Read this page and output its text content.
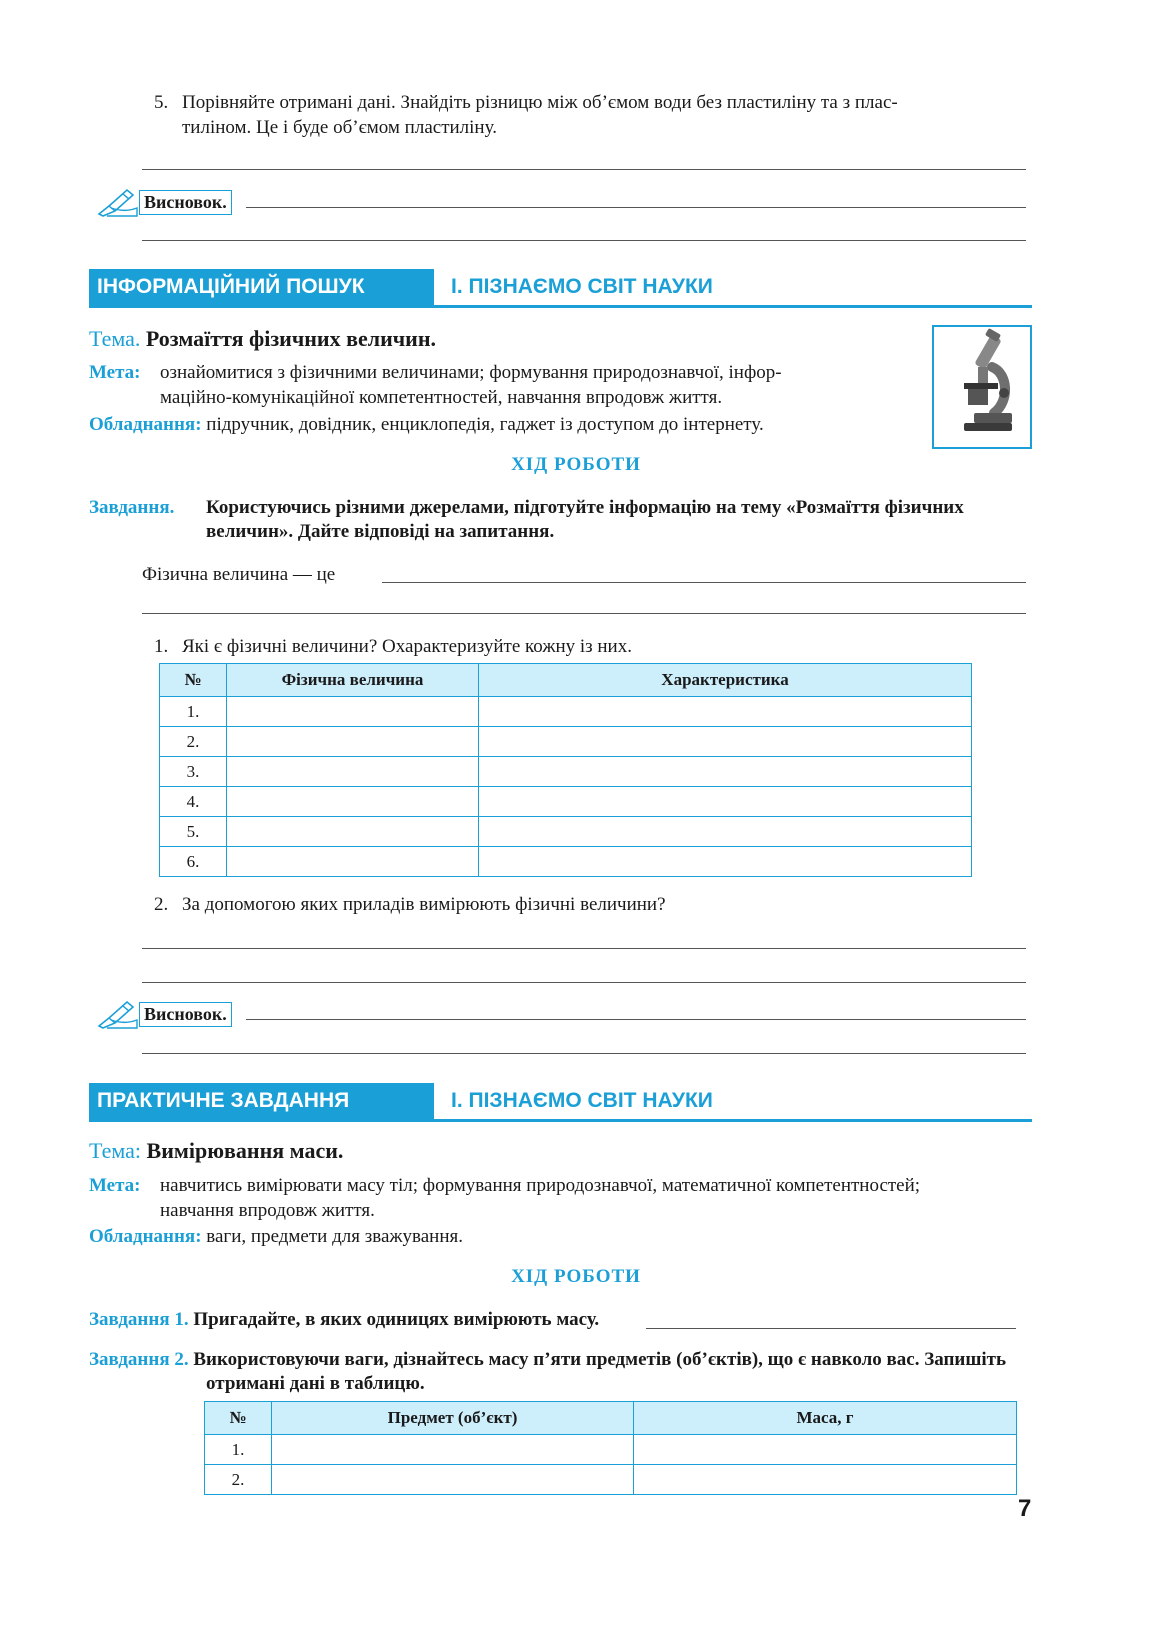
5. Порівняйте отримані дані. Знайдіть різницю між об’ємом води без пластиліну та з плас-
тиліном. Це і буде об’ємом пластиліну.
Висновок.
ІНФОРМАЦІЙНИЙ ПОШУК	І. ПІЗНАЄМО СВІТ НАУКИ
Тема. Розмаїття фізичних величин.
Мета: ознайомитися з фізичними величинами; формування природознавчої, інфор-
маційно-комунікаційної компетентностей, навчання впродовж життя.
Обладнання: підручник, довідник, енциклопедія, гаджет із доступом до інтернету.
ХІД РОБОТИ
Завдання. Користуючись різними джерелами, підготуйте інформацію на тему «Розмаїття фізичних
величин». Дайте відповіді на запитання.
Фізична величина — це
1. Які є фізичні величини? Охарактеризуйте кожну із них.
№	Фізична величина	Характеристика
1.		
2.		
3.		
4.		
5.		
6.		
2. За допомогою яких приладів вимірюють фізичні величини?
Висновок.
ПРАКТИЧНЕ ЗАВДАННЯ	І. ПІЗНАЄМО СВІТ НАУКИ
Тема: Вимірювання маси.
Мета: навчитись вимірювати масу тіл; формування природознавчої, математичної компетентностей;
навчання впродовж життя.
Обладнання: ваги, предмети для зважування.
ХІД РОБОТИ
Завдання 1. Пригадайте, в яких одиницях вимірюють масу.
Завдання 2. Використовуючи ваги, дізнайтесь масу п’яти предметів (об’єктів), що є навколо вас. Запишіть
отримані дані в таблицю.
№	Предмет (об’єкт)	Маса, г
1.		
2.		
7
